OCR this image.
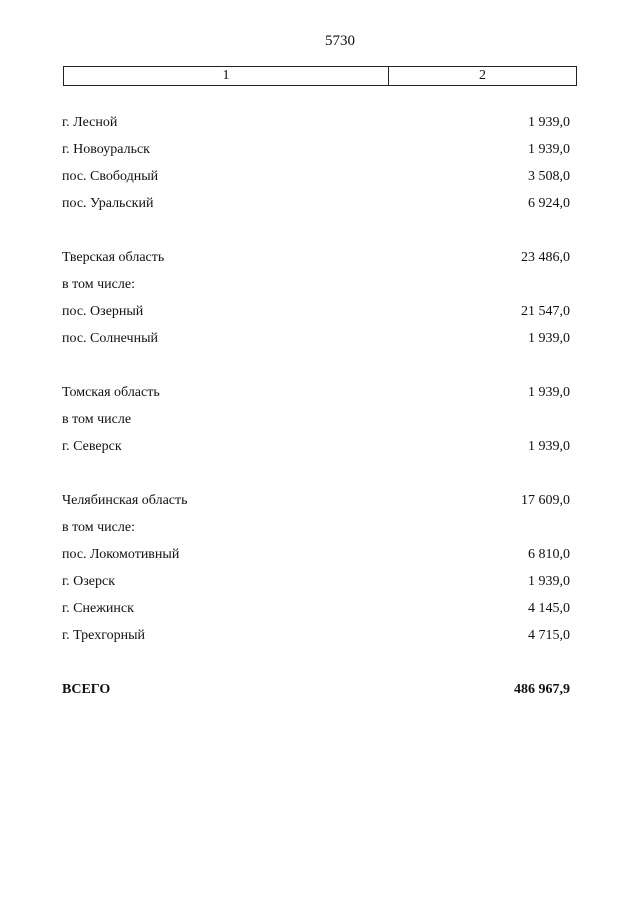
5730
1	2
г. Лесной	1 939,0
г. Новоуральск	1 939,0
пос. Свободный	3 508,0
пос. Уральский	6 924,0
Тверская область	23 486,0
в том числе:
пос. Озерный	21 547,0
пос. Солнечный	1 939,0
Томская область	1 939,0
в том числе
г. Северск	1 939,0
Челябинская область	17 609,0
в том числе:
пос. Локомотивный	6 810,0
г. Озерск	1 939,0
г. Снежинск	4 145,0
г. Трехгорный	4 715,0
ВСЕГО	486 967,9
